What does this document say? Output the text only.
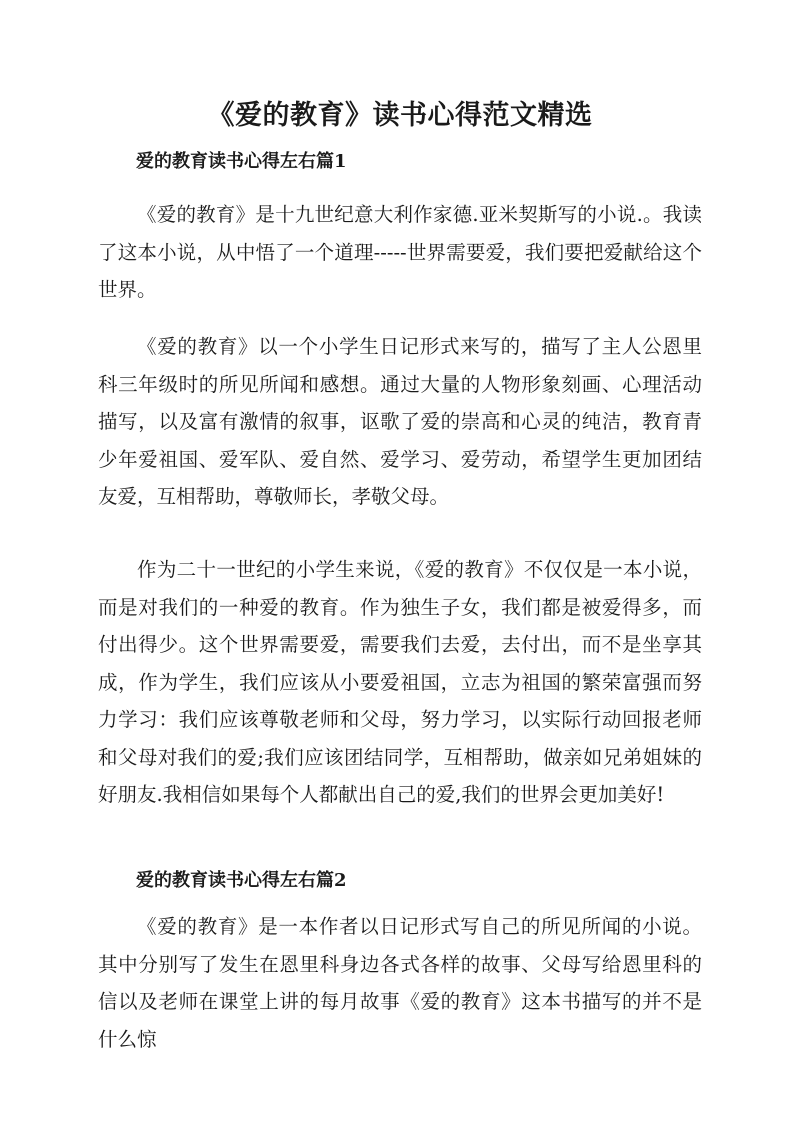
《爱的教育》读书心得范文精选
爱的教育读书心得左右篇1

《爱的教育》是十九世纪意大利作家德.亚米契斯写的小说.。我读了这本小说，从中悟了一个道理-----世界需要爱，我们要把爱献给这个世界。

《爱的教育》以一个小学生日记形式来写的，描写了主人公恩里科三年级时的所见所闻和感想。通过大量的人物形象刻画、心理活动描写，以及富有激情的叙事，讴歌了爱的崇高和心灵的纯洁，教育青少年爱祖国、爱军队、爱自然、爱学习、爱劳动，希望学生更加团结友爱，互相帮助，尊敬师长，孝敬父母。

作为二十一世纪的小学生来说，《爱的教育》不仅仅是一本小说，而是对我们的一种爱的教育。作为独生子女，我们都是被爱得多，而付出得少。这个世界需要爱，需要我们去爱，去付出，而不是坐享其成，作为学生，我们应该从小要爱祖国，立志为祖国的繁荣富强而努力学习：我们应该尊敬老师和父母，努力学习，以实际行动回报老师和父母对我们的爱;我们应该团结同学，互相帮助，做亲如兄弟姐妹的好朋友.我相信如果每个人都献出自己的爱,我们的世界会更加美好!

爱的教育读书心得左右篇2

《爱的教育》是一本作者以日记形式写自己的所见所闻的小说。其中分别写了发生在恩里科身边各式各样的故事、父母写给恩里科的信以及老师在课堂上讲的每月故事《爱的教育》这本书描写的并不是什么惊
